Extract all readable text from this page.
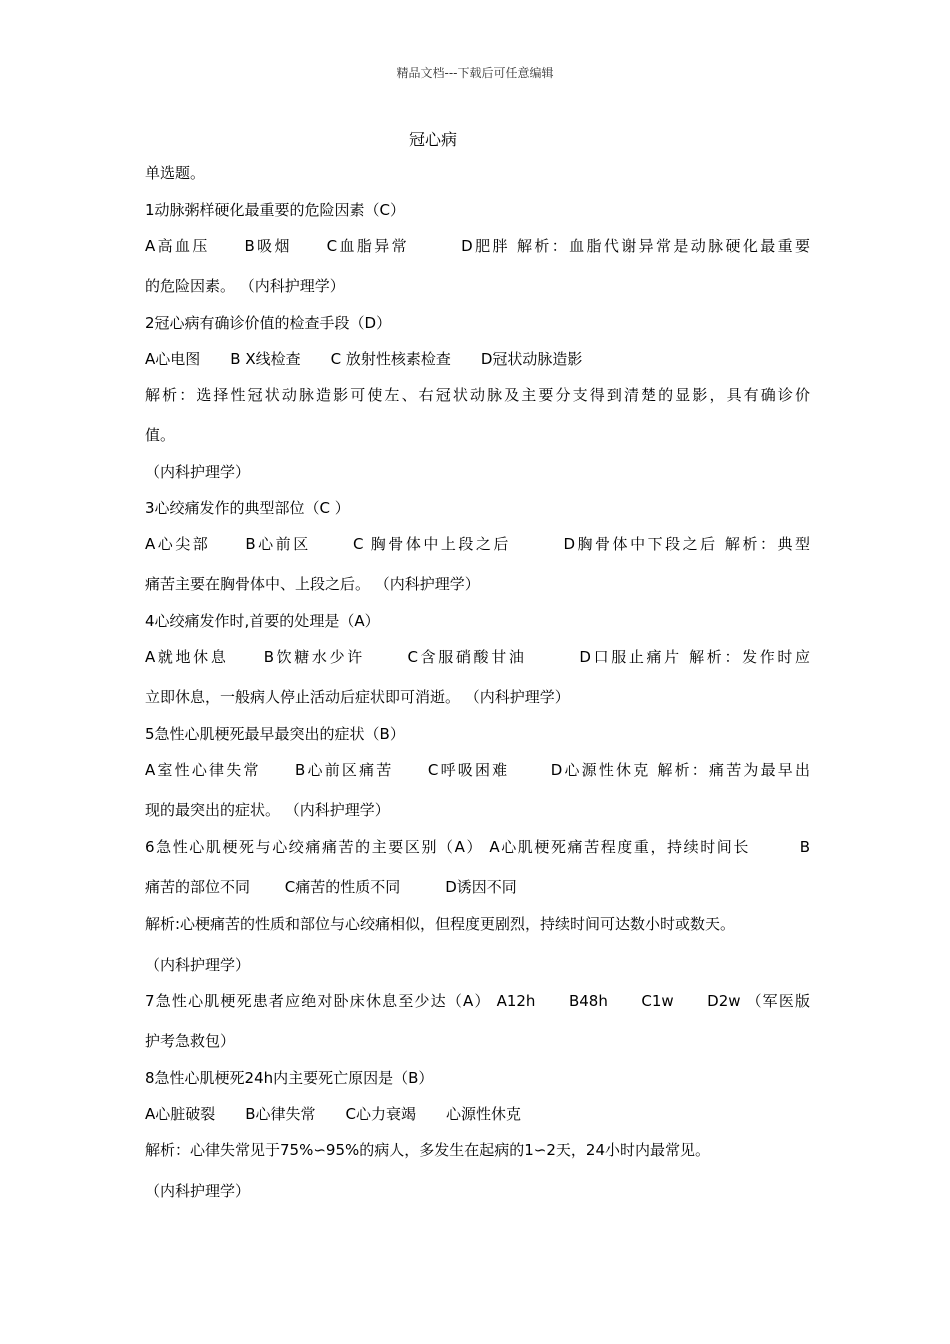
精品文档---下载后可任意编辑
冠心病
单选题。
1动脉粥样硬化最重要的危险因素（C）
A高血压　　B吸烟　　C血脂异常　　　D肥胖 解析：血脂代谢异常是动脉硬化最重要
的危险因素。 （内科护理学）
2冠心病有确诊价值的检查手段（D）
A心电图　　B X线检查　　C 放射性核素检查　　D冠状动脉造影
解析：选择性冠状动脉造影可使左、右冠状动脉及主要分支得到清楚的显影，具有确诊价
值。
（内科护理学）
3心绞痛发作的典型部位（C ）
A心尖部　　B心前区　　 C 胸骨体中上段之后　　　D胸骨体中下段之后 解析：典型
痛苦主要在胸骨体中、上段之后。 （内科护理学）
4心绞痛发作时,首要的处理是（A）
A就地休息　　B饮糖水少许　　 C含服硝酸甘油　　　D口服止痛片 解析：发作时应
立即休息，一般病人停止活动后症状即可消逝。 （内科护理学）
5急性心肌梗死最早最突出的症状（B）
A室性心律失常　　B心前区痛苦　　C呼吸困难　　 D心源性休克 解析：痛苦为最早出
现的最突出的症状。 （内科护理学）
6急性心肌梗死与心绞痛痛苦的主要区别（A） A心肌梗死痛苦程度重，持续时间长　　　B
痛苦的部位不同　　 C痛苦的性质不同　　　D诱因不同
解析:心梗痛苦的性质和部位与心绞痛相似，但程度更剧烈，持续时间可达数小时或数天。
（内科护理学）
7急性心肌梗死患者应绝对卧床休息至少达（A） A12h　　B48h　　C1w　　D2w （军医版
护考急救包）
8急性心肌梗死24h内主要死亡原因是（B）
A心脏破裂　　B心律失常　　C心力衰竭　　心源性休克
解析：心律失常见于75%∽95%的病人，多发生在起病的1∽2天，24小时内最常见。
（内科护理学）
